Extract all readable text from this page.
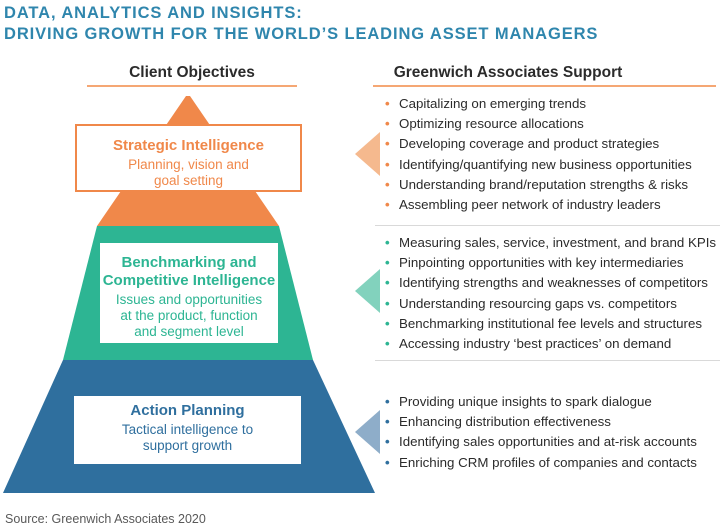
DATA, ANALYTICS AND INSIGHTS:
DRIVING GROWTH FOR THE WORLD’S LEADING ASSET MANAGERS
Client Objectives	Greenwich Associates Support
Strategic Intelligence
Planning, vision and
goal setting
Benchmarking and
Competitive Intelligence
Issues and opportunities
at the product, function
and segment level
Action Planning
Tactical intelligence to
support growth
• Capitalizing on emerging trends
• Optimizing resource allocations
• Developing coverage and product strategies
• Identifying/quantifying new business opportunities
• Understanding brand/reputation strengths & risks
• Assembling peer network of industry leaders
• Measuring sales, service, investment, and brand KPIs
• Pinpointing opportunities with key intermediaries
• Identifying strengths and weaknesses of competitors
• Understanding resourcing gaps vs. competitors
• Benchmarking institutional fee levels and structures
• Accessing industry ‘best practices’ on demand
• Providing unique insights to spark dialogue
• Enhancing distribution effectiveness
• Identifying sales opportunities and at-risk accounts
• Enriching CRM profiles of companies and contacts
Source: Greenwich Associates 2020
